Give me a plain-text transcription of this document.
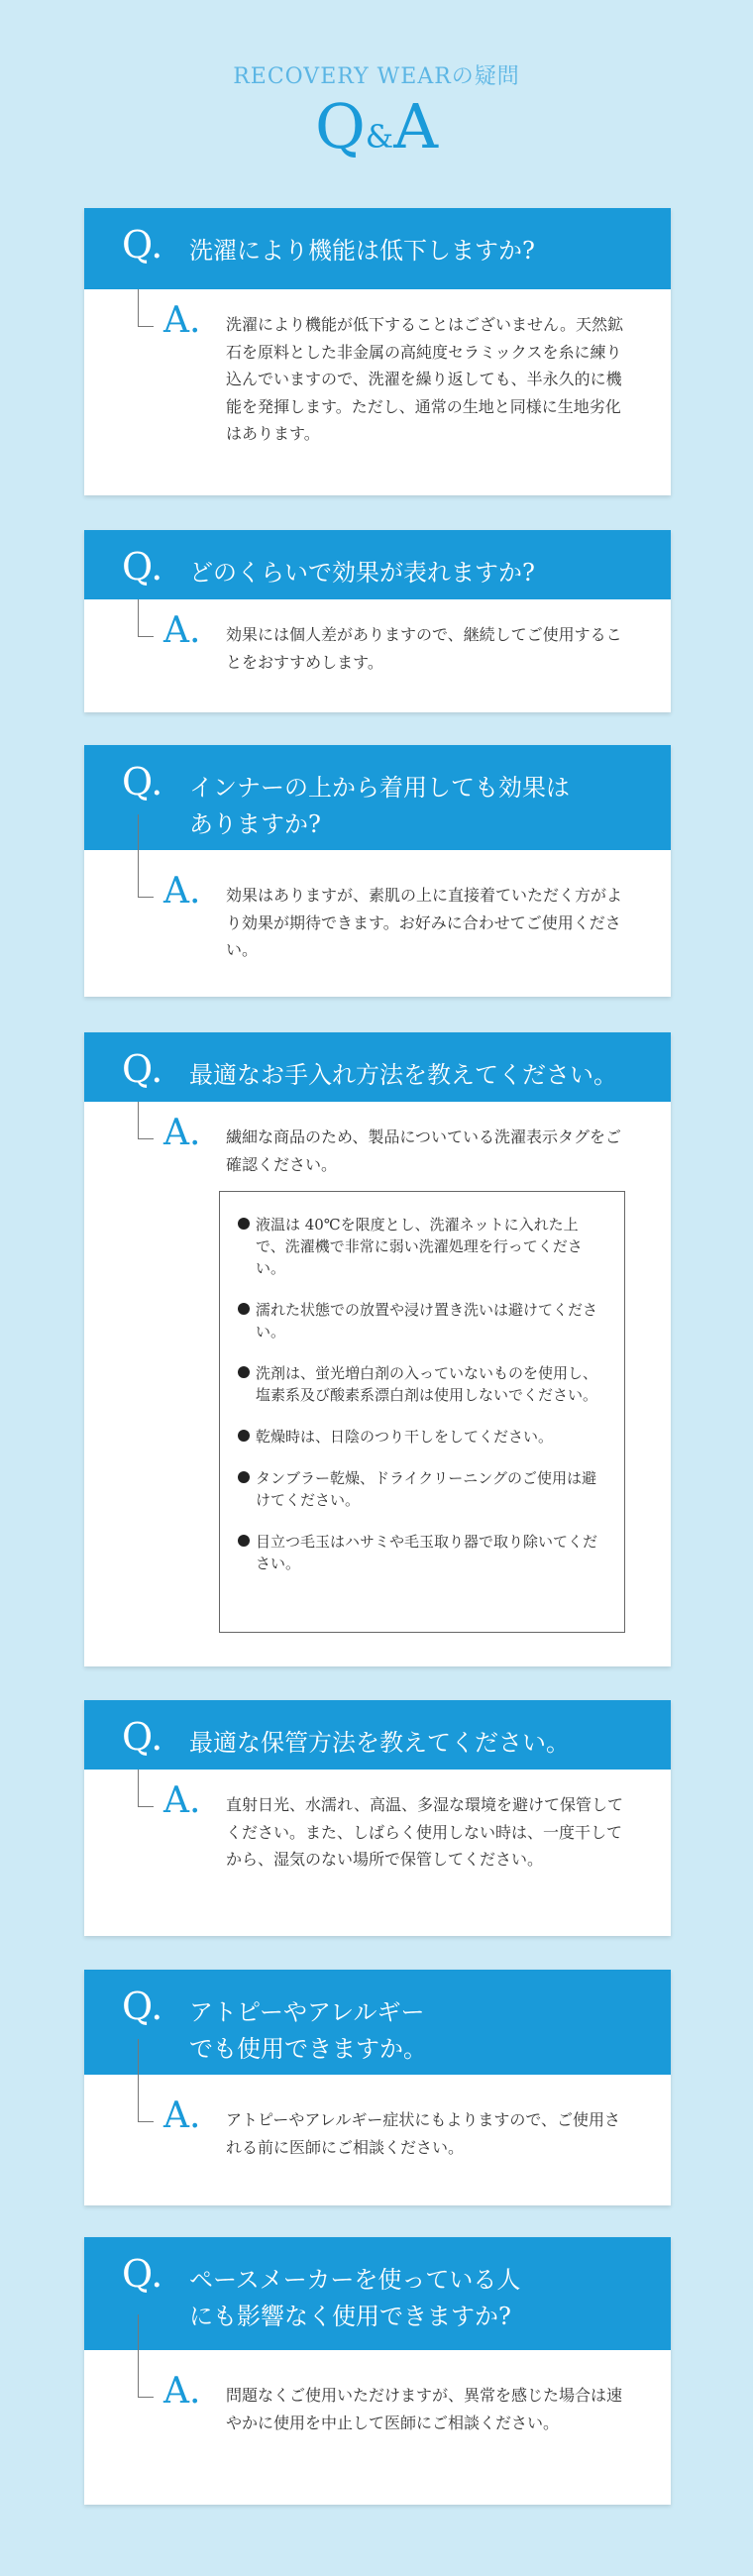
RECOVERY WEARの疑問
Q&A
Q. 洗濯により機能は低下しますか?
A. 洗濯により機能が低下することはございません。天然鉱石を原料とした非金属の高純度セラミックスを糸に練り込んでいますので、洗濯を繰り返しても、半永久的に機能を発揮します。ただし、通常の生地と同様に生地劣化はあります。
Q. どのくらいで効果が表れますか?
A. 効果には個人差がありますので、継続してご使用することをおすすめします。
Q. インナーの上から着用しても効果はありますか?
A. 効果はありますが、素肌の上に直接着ていただく方がより効果が期待できます。お好みに合わせてご使用ください。
Q. 最適なお手入れ方法を教えてください。
A. 繊細な商品のため、製品についている洗濯表示タグをご確認ください。
液温は 40℃を限度とし、洗濯ネットに入れた上で、洗濯機で非常に弱い洗濯処理を行ってください。
濡れた状態での放置や浸け置き洗いは避けてください。
洗剤は、蛍光増白剤の入っていないものを使用し、塩素系及び酸素系漂白剤は使用しないでください。
乾燥時は、日陰のつり干しをしてください。
タンブラー乾燥、ドライクリーニングのご使用は避けてください。
目立つ毛玉はハサミや毛玉取り器で取り除いてください。
Q. 最適な保管方法を教えてください。
A. 直射日光、水濡れ、高温、多湿な環境を避けて保管してください。また、しばらく使用しない時は、一度干してから、湿気のない場所で保管してください。
Q. アトピーやアレルギーでも使用できますか。
A. アトピーやアレルギー症状にもよりますので、ご使用される前に医師にご相談ください。
Q. ペースメーカーを使っている人にも影響なく使用できますか?
A. 問題なくご使用いただけますが、異常を感じた場合は速やかに使用を中止して医師にご相談ください。
